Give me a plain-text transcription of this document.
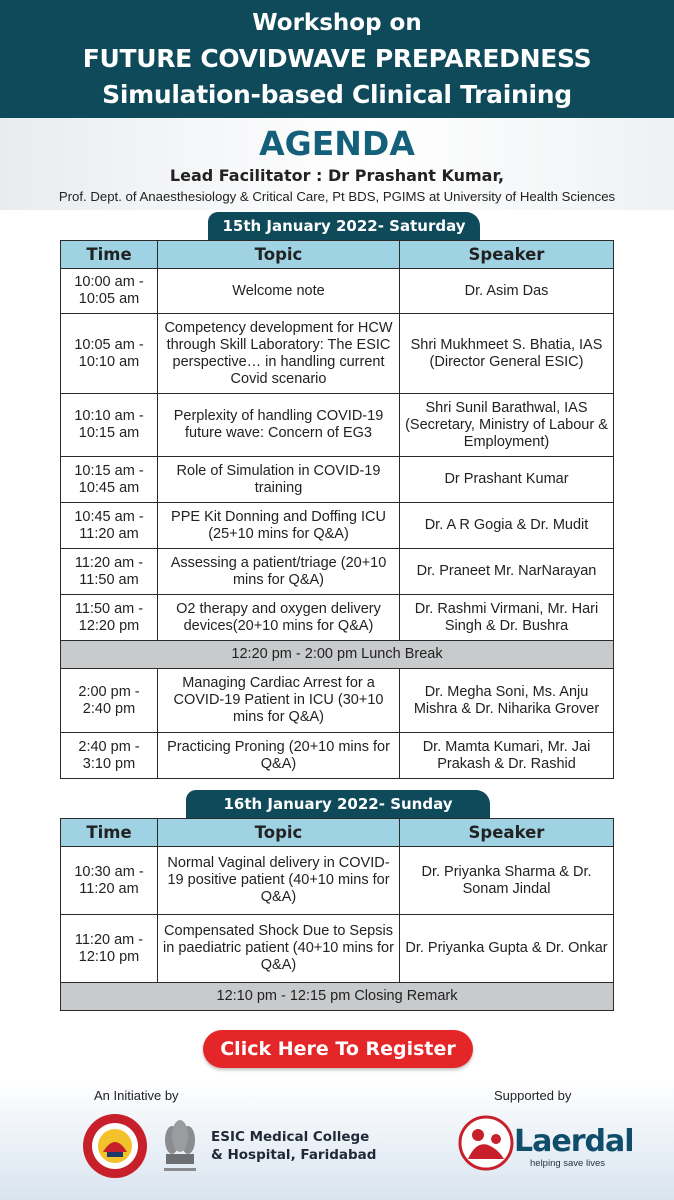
Workshop on
FUTURE COVIDWAVE PREPAREDNESS
Simulation-based Clinical Training
AGENDA
Lead Facilitator : Dr Prashant Kumar,
Prof. Dept. of Anaesthesiology & Critical Care, Pt BDS, PGIMS at University of Health Sciences
15th January 2022- Saturday
Time	Topic	Speaker
10:00 am - 10:05 am	Welcome note	Dr. Asim Das
10:05 am - 10:10 am	Competency development for HCW through Skill Laboratory: The ESIC perspective… in handling current Covid scenario	Shri Mukhmeet S. Bhatia, IAS (Director General ESIC)
10:10 am - 10:15 am	Perplexity of handling COVID-19 future wave: Concern of EG3	Shri Sunil Barathwal, IAS (Secretary, Ministry of Labour & Employment)
10:15 am - 10:45 am	Role of Simulation in COVID-19 training	Dr Prashant Kumar
10:45 am - 11:20 am	PPE Kit Donning and Doffing ICU (25+10 mins for Q&A)	Dr. A R Gogia & Dr. Mudit
11:20 am - 11:50 am	Assessing a patient/triage (20+10 mins for Q&A)	Dr. Praneet Mr. NarNarayan
11:50 am - 12:20 pm	O2 therapy and oxygen delivery devices(20+10 mins for Q&A)	Dr. Rashmi Virmani, Mr. Hari Singh & Dr. Bushra
12:20 pm - 2:00 pm Lunch Break		
2:00 pm - 2:40 pm	Managing Cardiac Arrest for a COVID-19 Patient in ICU (30+10 mins for Q&A)	Dr. Megha Soni, Ms. Anju Mishra & Dr. Niharika Grover
2:40 pm - 3:10 pm	Practicing Proning (20+10 mins for Q&A)	Dr. Mamta Kumari, Mr. Jai Prakash & Dr. Rashid
16th January 2022- Sunday
Time	Topic	Speaker
10:30 am - 11:20 am	Normal Vaginal delivery in COVID-19 positive patient (40+10 mins for Q&A)	Dr. Priyanka Sharma & Dr. Sonam Jindal
11:20 am - 12:10 pm	Compensated Shock Due to Sepsis in paediatric patient (40+10 mins for Q&A)	Dr. Priyanka Gupta & Dr. Onkar
12:10 pm - 12:15 pm Closing Remark		
Click Here To Register
An Initiative by	Supported by
ESIC Medical College
& Hospital, Faridabad	Laerdal
helping save lives
